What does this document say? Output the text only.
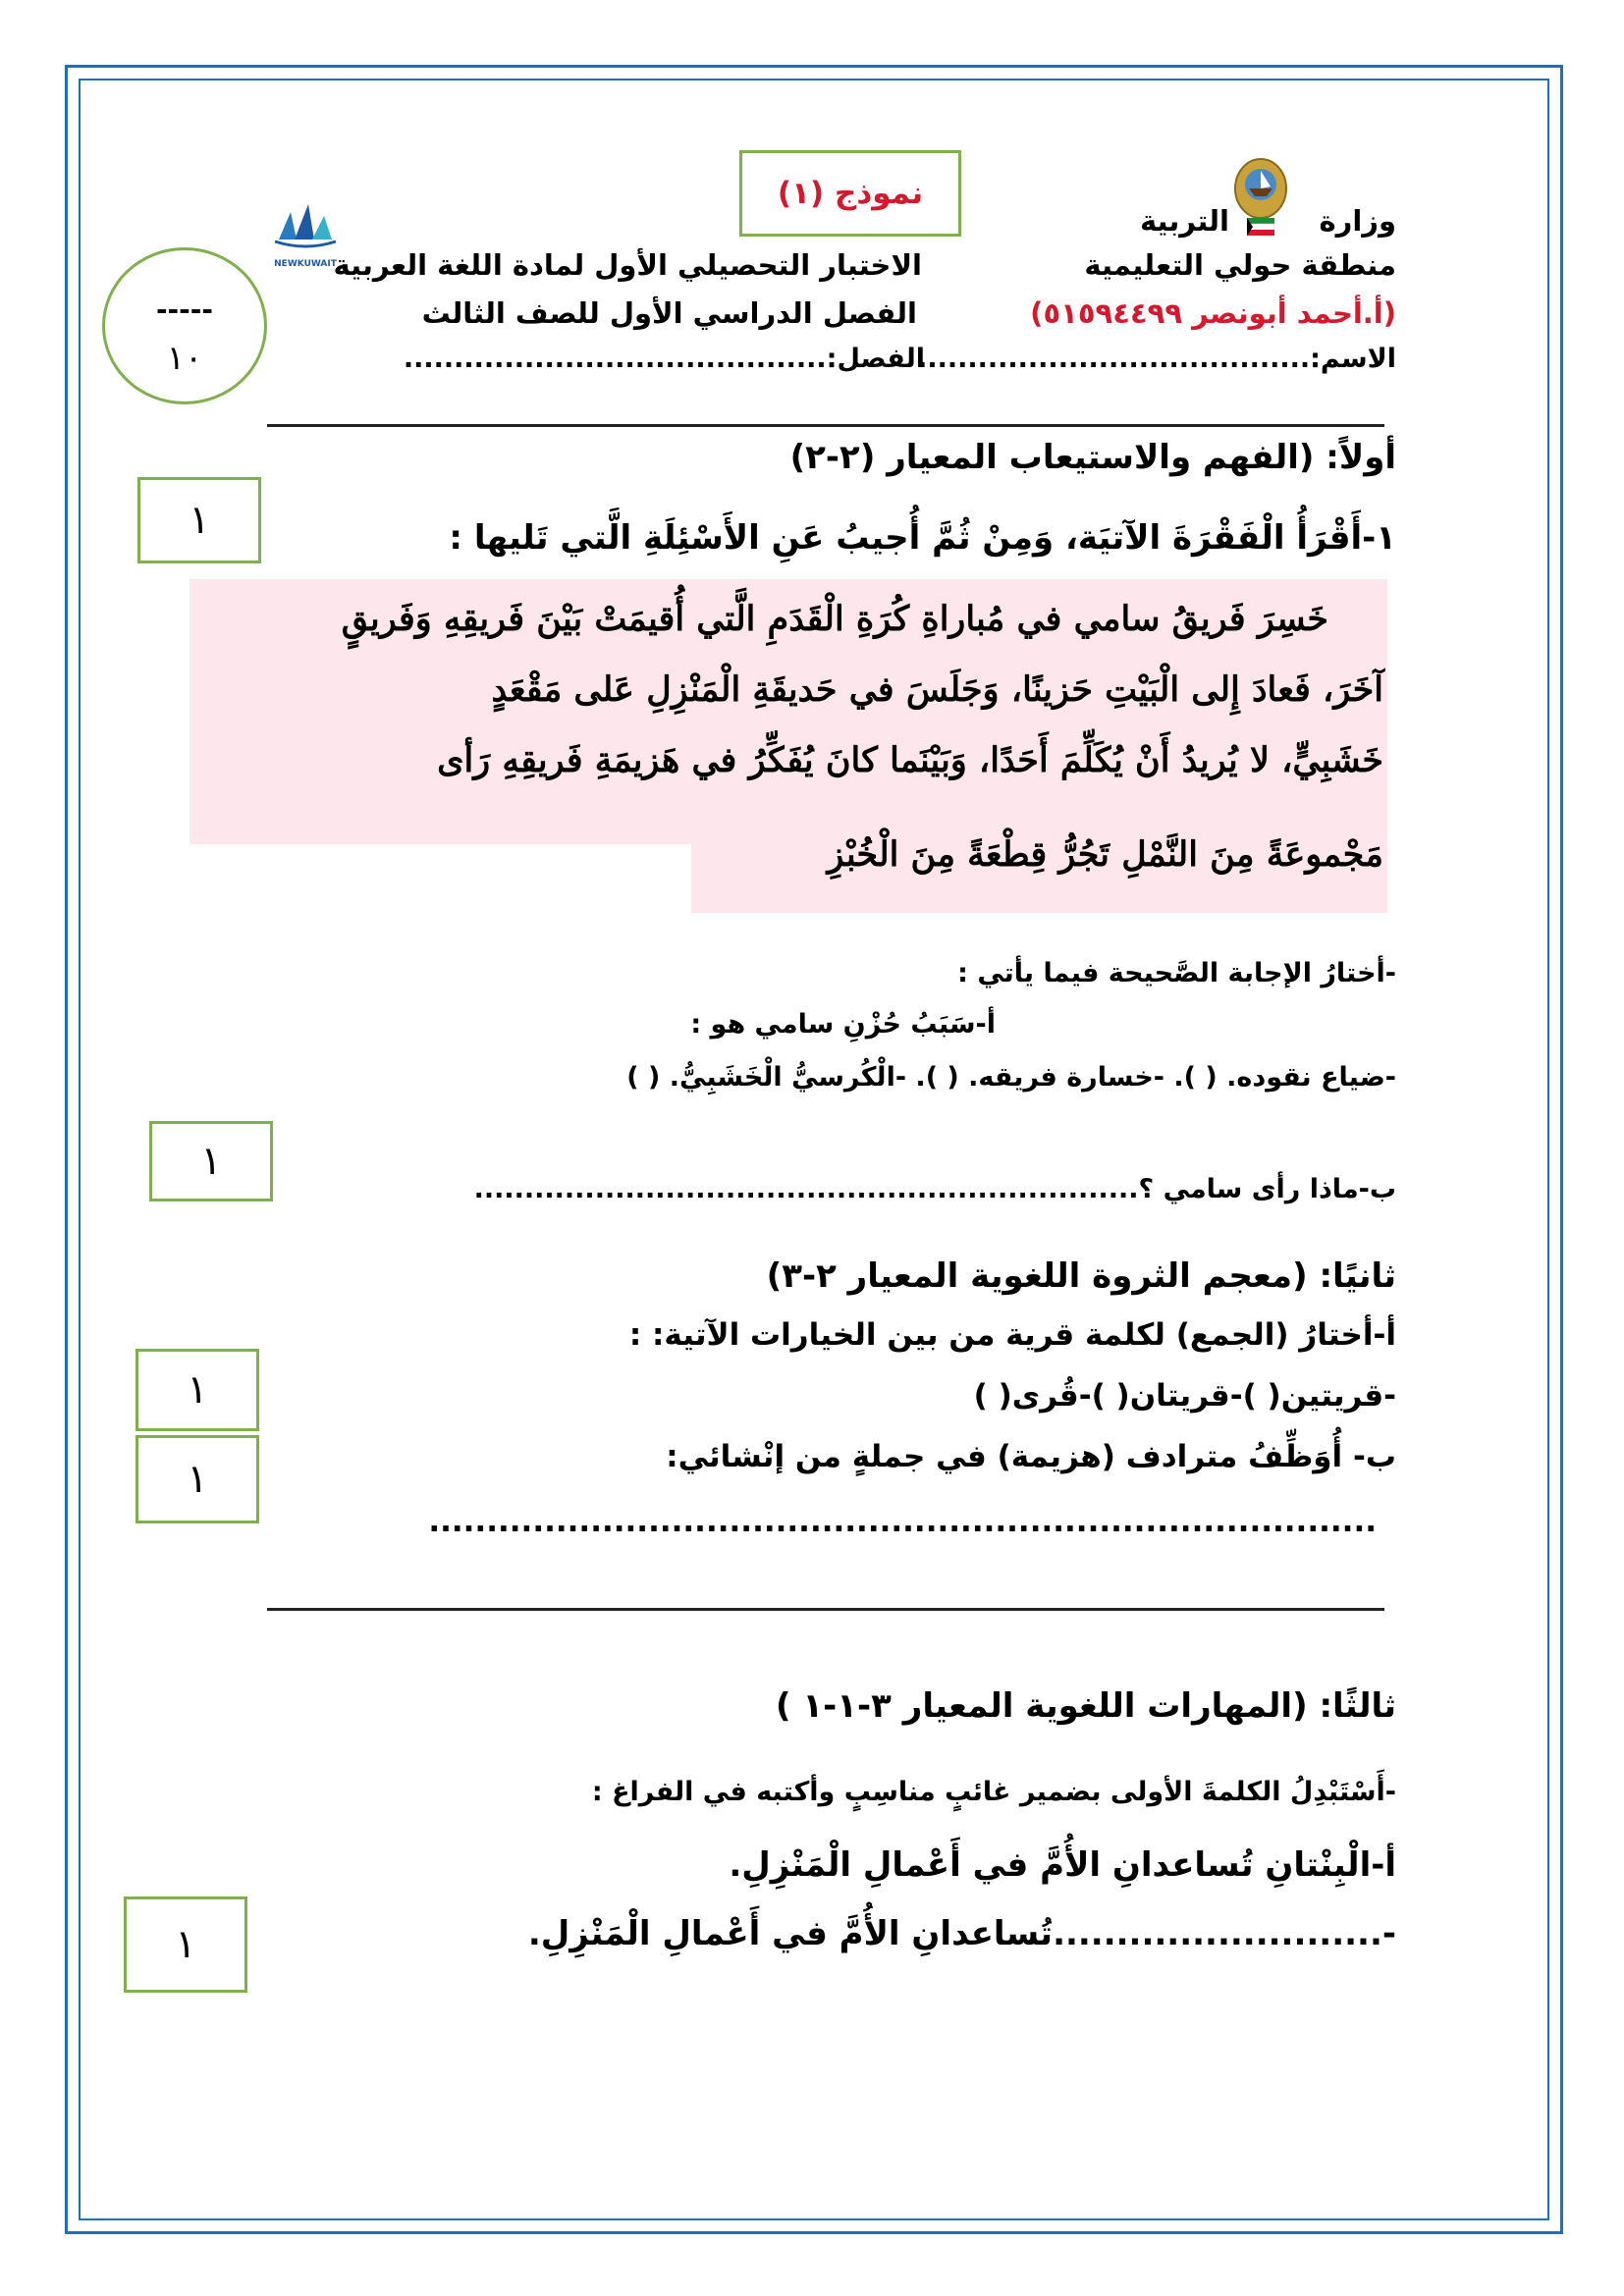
وزارة
التربية
منطقة حولي التعليمية
(أ.أحمد أبونصر ٥١٥٩٤٤٩٩)
الاسم:.......................................
نموذج (١)
الاختبار التحصيلي الأول لمادة اللغة العربية
الفصل الدراسي الأول للصف الثالث
الفصل:..........................................
NEWKUWAIT
-----
١٠
أولاً: (الفهم والاستيعاب المعيار (٢-٢)
١	١-أَقْرَأُ الْفَقْرَةَ الآتيَة، وَمِنْ ثُمَّ أُجيبُ عَنِ الأَسْئِلَةِ الَّتي تَليها :
خَسِرَ فَريقُ سامي في مُباراةِ كُرَةِ الْقَدَمِ الَّتي أُقيمَتْ بَيْنَ فَريقِهِ وَفَريقٍ
آخَرَ، فَعادَ إِلى الْبَيْتِ حَزينًا، وَجَلَسَ في حَديقَةِ الْمَنْزِلِ عَلى مَقْعَدٍ
خَشَبِيٍّ، لا يُريدُ أَنْ يُكَلِّمَ أَحَدًا، وَبَيْنَما كانَ يُفَكِّرُ في هَزيمَةِ فَريقِهِ رَأى
مَجْموعَةً مِنَ النَّمْلِ تَجُرُّ قِطْعَةً مِنَ الْخُبْزِ
-أختارُ الإجابة الصَّحيحة فيما يأتي :
أ-سَبَبُ حُزْنِ سامي هو :
-ضياع نقوده. ( ). -خسارة فريقه. ( ). -الْكُرسيُّ الْخَشَبِيُّ. ( )
١
ب-ماذا رأى سامي ؟..................................................................
ثانيًا: (معجم الثروة اللغوية المعيار ٢-٣)
أ-أختارُ (الجمع) لكلمة قرية من بين الخيارات الآتية: :
١	-قريتين( )-قريتان( )-قُرى( )
١	ب- أُوَظِّفُ مترادف (هزيمة) في جملةٍ من إنْشائي:
..................................................................................
ثالثًا: (المهارات اللغوية المعيار ٣-١-١ )
-أَسْتَبْدِلُ الكلمةَ الأولى بضمير غائبٍ مناسِبٍ وأكتبه في الفراغ :
أ-الْبِنْتانِ تُساعدانِ الأُمَّ في أَعْمالِ الْمَنْزِلِ.
١	-..........................تُساعدانِ الأُمَّ في أَعْمالِ الْمَنْزِلِ.
